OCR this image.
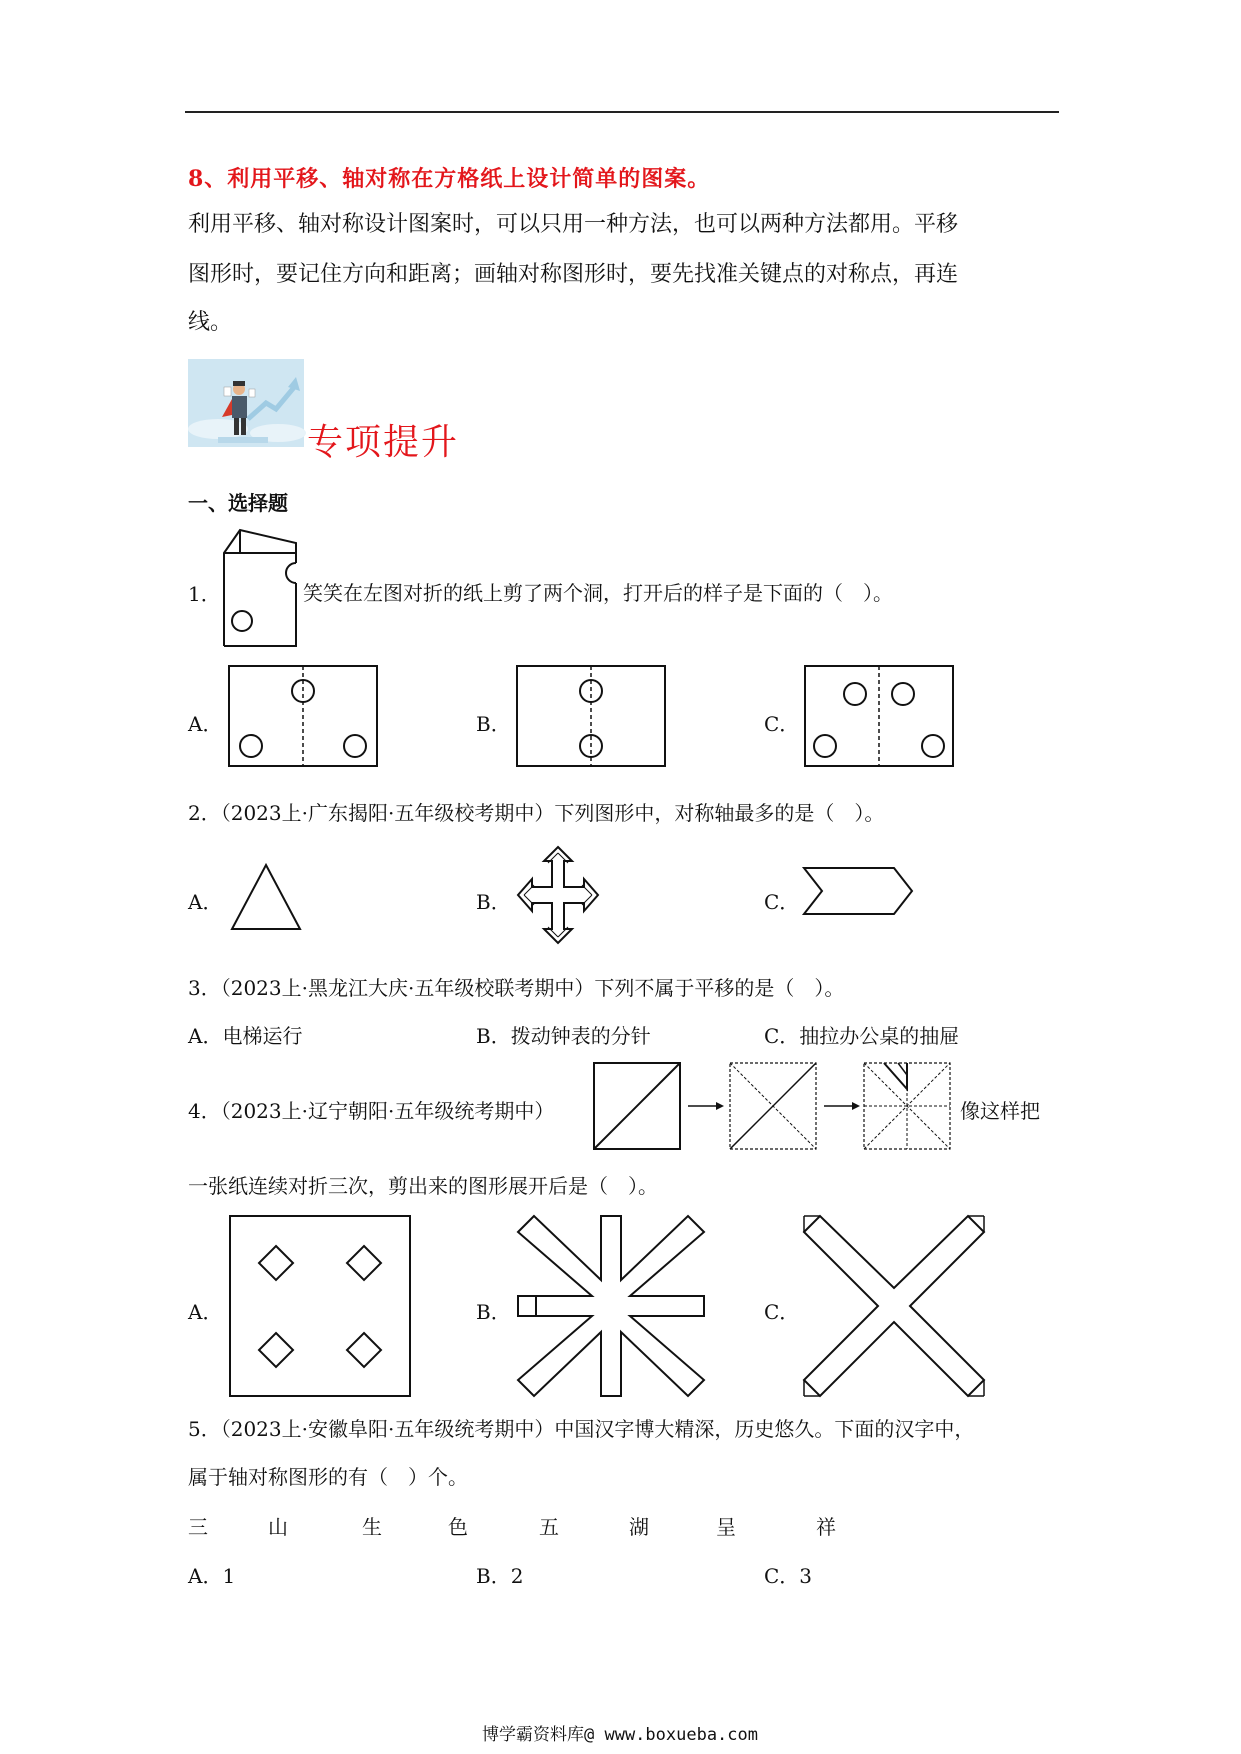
8、利用平移、轴对称在方格纸上设计简单的图案。
利用平移、轴对称设计图案时，可以只用一种方法，也可以两种方法都用。平移
图形时，要记住方向和距离；画轴对称图形时，要先找准关键点的对称点，再连
线。
专项提升
一、选择题
1．	笑笑在左图对折的纸上剪了两个洞，打开后的样子是下面的（　）。
A．	B．	C．
2．（2023上·广东揭阳·五年级校考期中）下列图形中，对称轴最多的是（　）。
A．	B．	C．
3．（2023上·黑龙江大庆·五年级校联考期中）下列不属于平移的是（　）。
A．电梯运行	B．拨动钟表的分针	C．抽拉办公桌的抽屉
4．（2023上·辽宁朝阳·五年级统考期中）	像这样把
一张纸连续对折三次，剪出来的图形展开后是（　）。
A．	B．	C．
5．（2023上·安徽阜阳·五年级统考期中）中国汉字博大精深，历史悠久。下面的汉字中，
属于轴对称图形的有（　）个。
三	山	生	色	五	湖	呈	祥
A．1	B．2	C．3
博学霸资料库@ www.boxueba.com
